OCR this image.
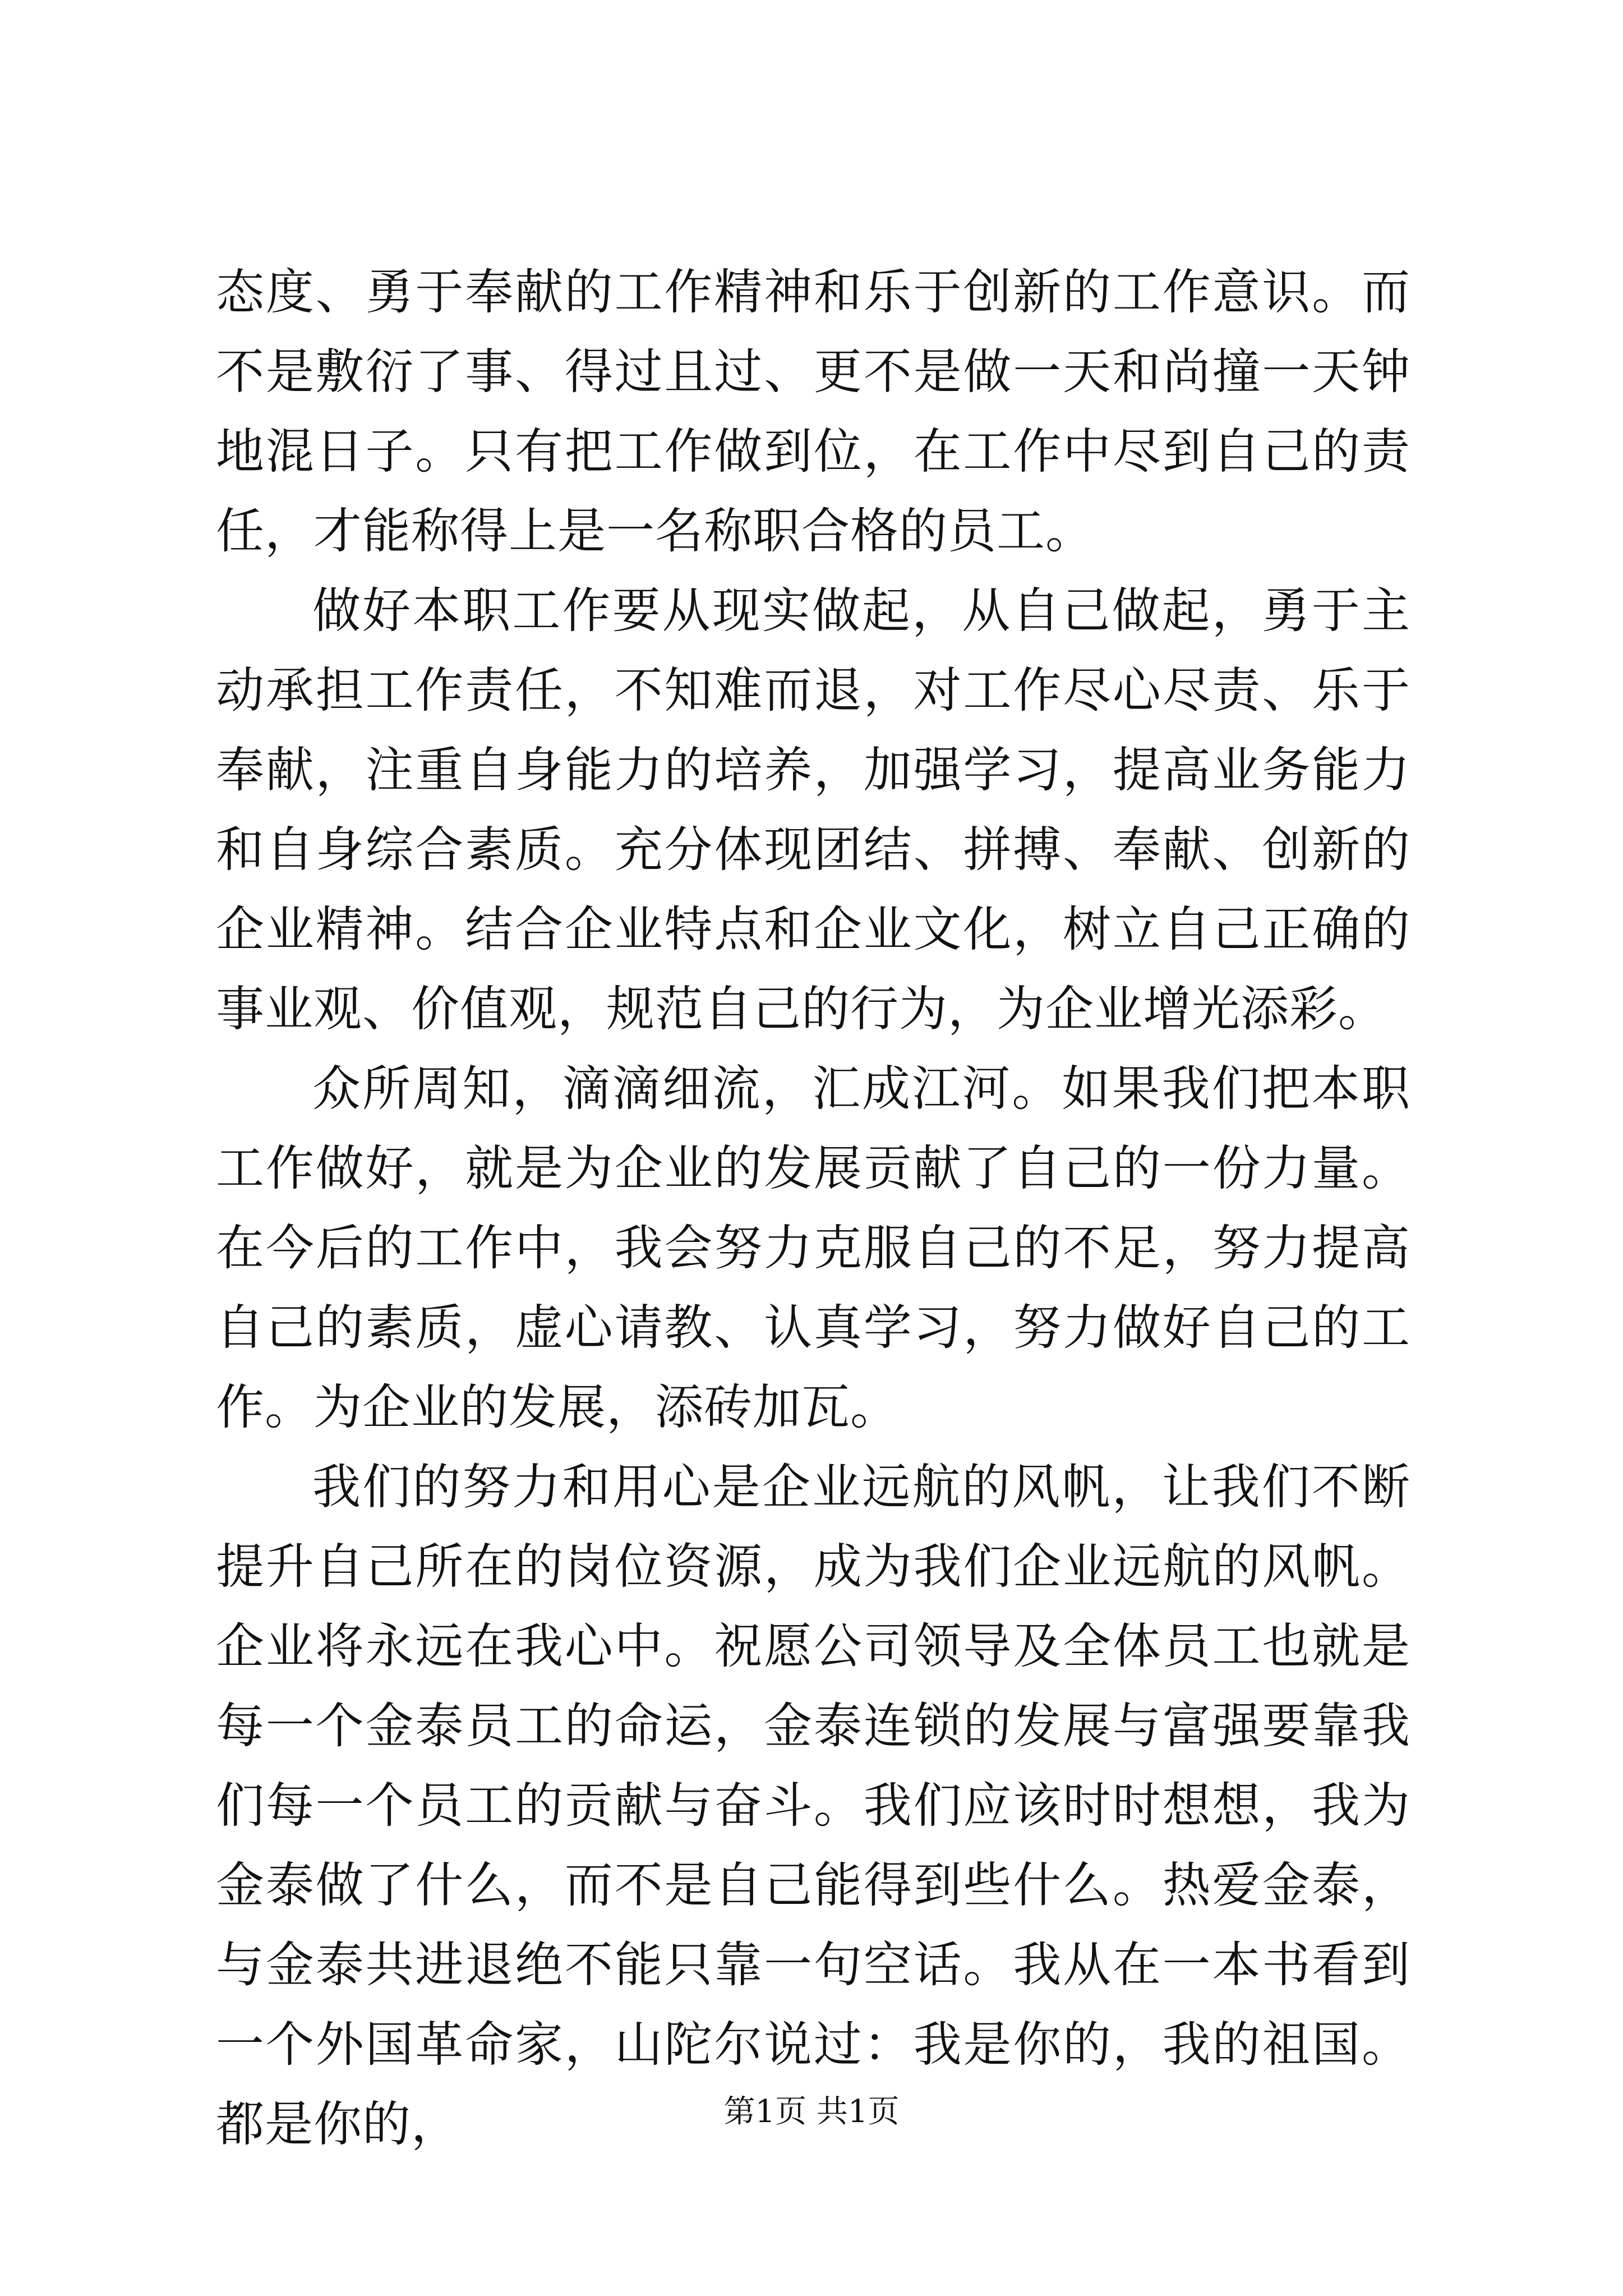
态度、勇于奉献的工作精神和乐于创新的工作意识。而不是敷衍了事、得过且过、更不是做一天和尚撞一天钟地混日子。只有把工作做到位，在工作中尽到自己的责任，才能称得上是一名称职合格的员工。

做好本职工作要从现实做起，从自己做起，勇于主动承担工作责任，不知难而退，对工作尽心尽责、乐于奉献，注重自身能力的培养，加强学习，提高业务能力和自身综合素质。充分体现团结、拼搏、奉献、创新的企业精神。结合企业特点和企业文化，树立自己正确的事业观、价值观，规范自己的行为，为企业增光添彩。

众所周知，滴滴细流，汇成江河。如果我们把本职工作做好，就是为企业的发展贡献了自己的一份力量。在今后的工作中，我会努力克服自己的不足，努力提高自己的素质，虚心请教、认真学习，努力做好自己的工作。为企业的发展，添砖加瓦。

我们的努力和用心是企业远航的风帆，让我们不断提升自己所在的岗位资源，成为我们企业远航的风帆。企业将永远在我心中。祝愿公司领导及全体员工也就是每一个金泰员工的命运，金泰连锁的发展与富强要靠我们每一个员工的贡献与奋斗。我们应该时时想想，我为金泰做了什么，而不是自己能得到些什么。热爱金泰，与金泰共进退绝不能只靠一句空话。我从在一本书看到一个外国革命家，山陀尔说过：我是你的，我的祖国。都是你的，	第1页 共1页
